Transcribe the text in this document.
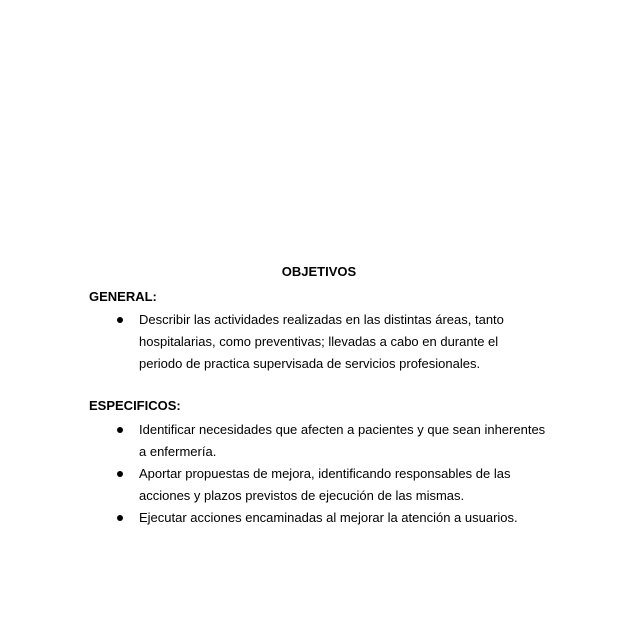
OBJETIVOS
GENERAL:
Describir las actividades realizadas en las distintas áreas, tanto hospitalarias, como preventivas; llevadas a cabo en durante el periodo de practica supervisada de servicios profesionales.
ESPECIFICOS:
Identificar necesidades que afecten a pacientes y que sean inherentes a enfermería.
Aportar propuestas de mejora, identificando responsables de las acciones y plazos previstos de ejecución de las mismas.
Ejecutar acciones encaminadas al mejorar la atención a usuarios.
